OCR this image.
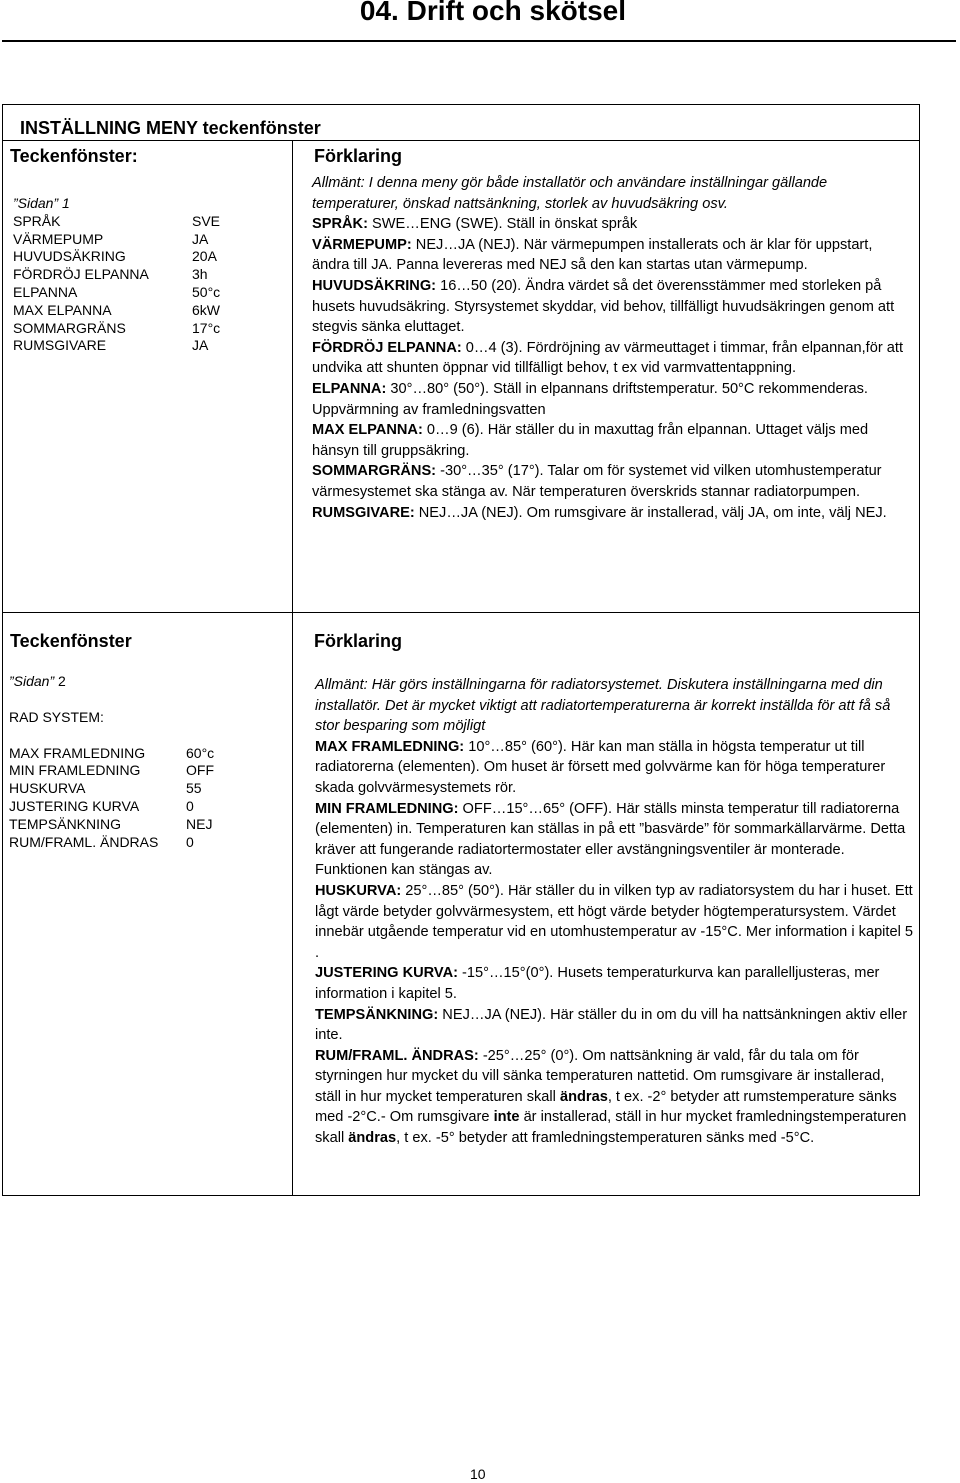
04. Drift och skötsel
INSTÄLLNING MENY teckenfönster
Teckenfönster:	Förklaring
”Sidan” 1
SPRÅK	SVE
VÄRMEPUMP	JA
HUVUDSÄKRING	20A
FÖRDRÖJ ELPANNA	3h
ELPANNA	50°c
MAX ELPANNA	6kW
SOMMARGRÄNS	17°c
RUMSGIVARE	JA

Allmänt: I denna meny gör både installatör och användare inställningar gällande temperaturer, önskad nattsänkning, storlek av huvudsäkring osv.

SPRÅK: SWE…ENG (SWE). Ställ in önskat språk

VÄRMEPUMP: NEJ…JA (NEJ). När värmepumpen installerats och är klar för uppstart, ändra till JA. Panna levereras med NEJ så den kan startas utan värmepump.

HUVUDSÄKRING: 16…50 (20). Ändra värdet så det överensstämmer med storleken på husets huvudsäkring. Styrsystemet skyddar, vid behov, tillfälligt huvudsäkringen genom att stegvis sänka eluttaget.

FÖRDRÖJ ELPANNA: 0…4 (3). Fördröjning av värmeuttaget i timmar, från elpannan,för att undvika att shunten öppnar vid tillfälligt behov, t ex vid varmvattentappning.

ELPANNA: 30°…80° (50°). Ställ in elpannans driftstemperatur. 50°C rekommenderas. Uppvärmning av framledningsvatten

MAX ELPANNA: 0…9 (6). Här ställer du in maxuttag från elpannan. Uttaget väljs med hänsyn till gruppsäkring.

SOMMARGRÄNS: -30°…35° (17°). Talar om för systemet vid vilken utomhustemperatur värmesystemet ska stänga av. När temperaturen överskrids stannar radiatorpumpen.

RUMSGIVARE: NEJ…JA (NEJ). Om rumsgivare är installerad, välj JA, om inte, välj NEJ.

Teckenfönster	Förklaring
”Sidan” 2
RAD SYSTEM:
MAX FRAMLEDNING	60°c
MIN FRAMLEDNING	OFF
HUSKURVA	55
JUSTERING KURVA	0
TEMPSÄNKNING	NEJ
RUM/FRAML. ÄNDRAS 0

Allmänt: Här görs inställningarna för radiatorsystemet. Diskutera inställningarna med din installatör. Det är mycket viktigt att radiatortemperaturerna är korrekt inställda för att få så stor besparing som möjligt

MAX FRAMLEDNING: 10°…85° (60°). Här kan man ställa in högsta temperatur ut till radiatorerna (elementen). Om huset är försett med golvvärme kan för höga temperaturer skada golvvärmesystemets rör.

MIN FRAMLEDNING: OFF…15°…65° (OFF). Här ställs minsta temperatur till radiatorerna (elementen) in. Temperaturen kan ställas in på ett ”basvärde” för sommarkällarvärme. Detta kräver att fungerande radiatortermostater eller avstängningsventiler är monterade. Funktionen kan stängas av.

HUSKURVA: 25°…85° (50°). Här ställer du in vilken typ av radiatorsystem du har i huset. Ett lågt värde betyder golvvärmesystem, ett högt värde betyder högtemperatursystem. Värdet innebär utgående temperatur vid en utomhustemperatur av -15°C. Mer information i kapitel 5 .

JUSTERING KURVA: -15°…15°(0°). Husets temperaturkurva kan parallelljusteras, mer information i kapitel 5.

TEMPSÄNKNING: NEJ…JA (NEJ). Här ställer du in om du vill ha nattsänkningen aktiv eller inte.

RUM/FRAML. ÄNDRAS: -25°…25° (0°). Om nattsänkning är vald, får du tala om för styrningen hur mycket du vill sänka temperaturen nattetid. Om rumsgivare är installerad, ställ in hur mycket temperaturen skall ändras, t ex. -2° betyder att rumstemperature sänks med -2°C.- Om rumsgivare inte är installerad, ställ in hur mycket framledningstemperaturen skall ändras, t ex. -5° betyder att framledningstemperaturen sänks med -5°C.

10
